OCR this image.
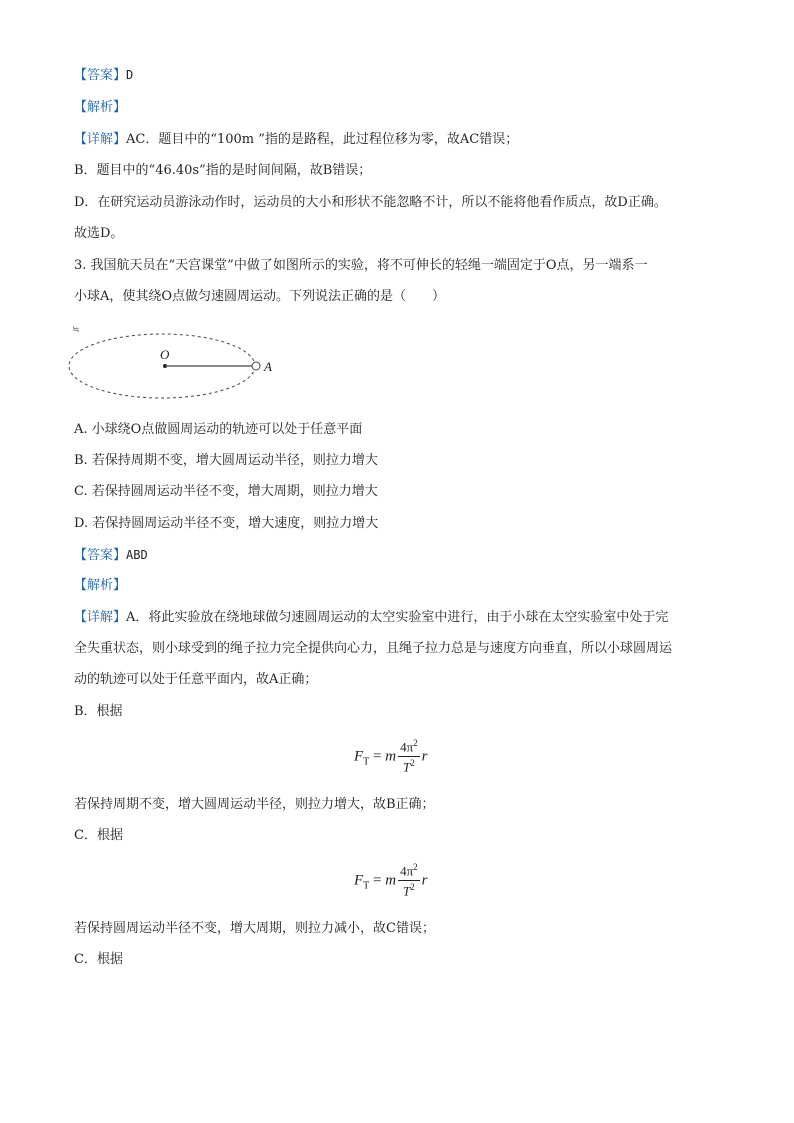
【答案】D
【解析】
【详解】AC．题目中的“100m ”指的是路程，此过程位移为零，故AC错误；
B．题目中的“46.40s”指的是时间间隔，故B错误；
D．在研究运动员游泳动作时，运动员的大小和形状不能忽略不计，所以不能将他看作质点，故D正确。
故选D。
3. 我国航天员在“天宫课堂”中做了如图所示的实验，将不可伸长的轻绳一端固定于O点，另一端系一
小球A，使其绕O点做匀速圆周运动。下列说法正确的是（　　）
≒
O
A
A. 小球绕O点做圆周运动的轨迹可以处于任意平面
B. 若保持周期不变，增大圆周运动半径，则拉力增大
C. 若保持圆周运动半径不变，增大周期，则拉力增大
D. 若保持圆周运动半径不变，增大速度，则拉力增大
【答案】ABD
【解析】
【详解】A．将此实验放在绕地球做匀速圆周运动的太空实验室中进行，由于小球在太空实验室中处于完
全失重状态，则小球受到的绳子拉力完全提供向心力，且绳子拉力总是与速度方向垂直，所以小球圆周运
动的轨迹可以处于任意平面内，故A正确；
B．根据
$F_T = m \frac{4\pi^2}{T^2}$ r
若保持周期不变，增大圆周运动半径，则拉力增大，故B正确；
C．根据
$F_T = m \frac{4\pi^2}{T^2}$ r
若保持圆周运动半径不变，增大周期，则拉力减小，故C错误；
C．根据
